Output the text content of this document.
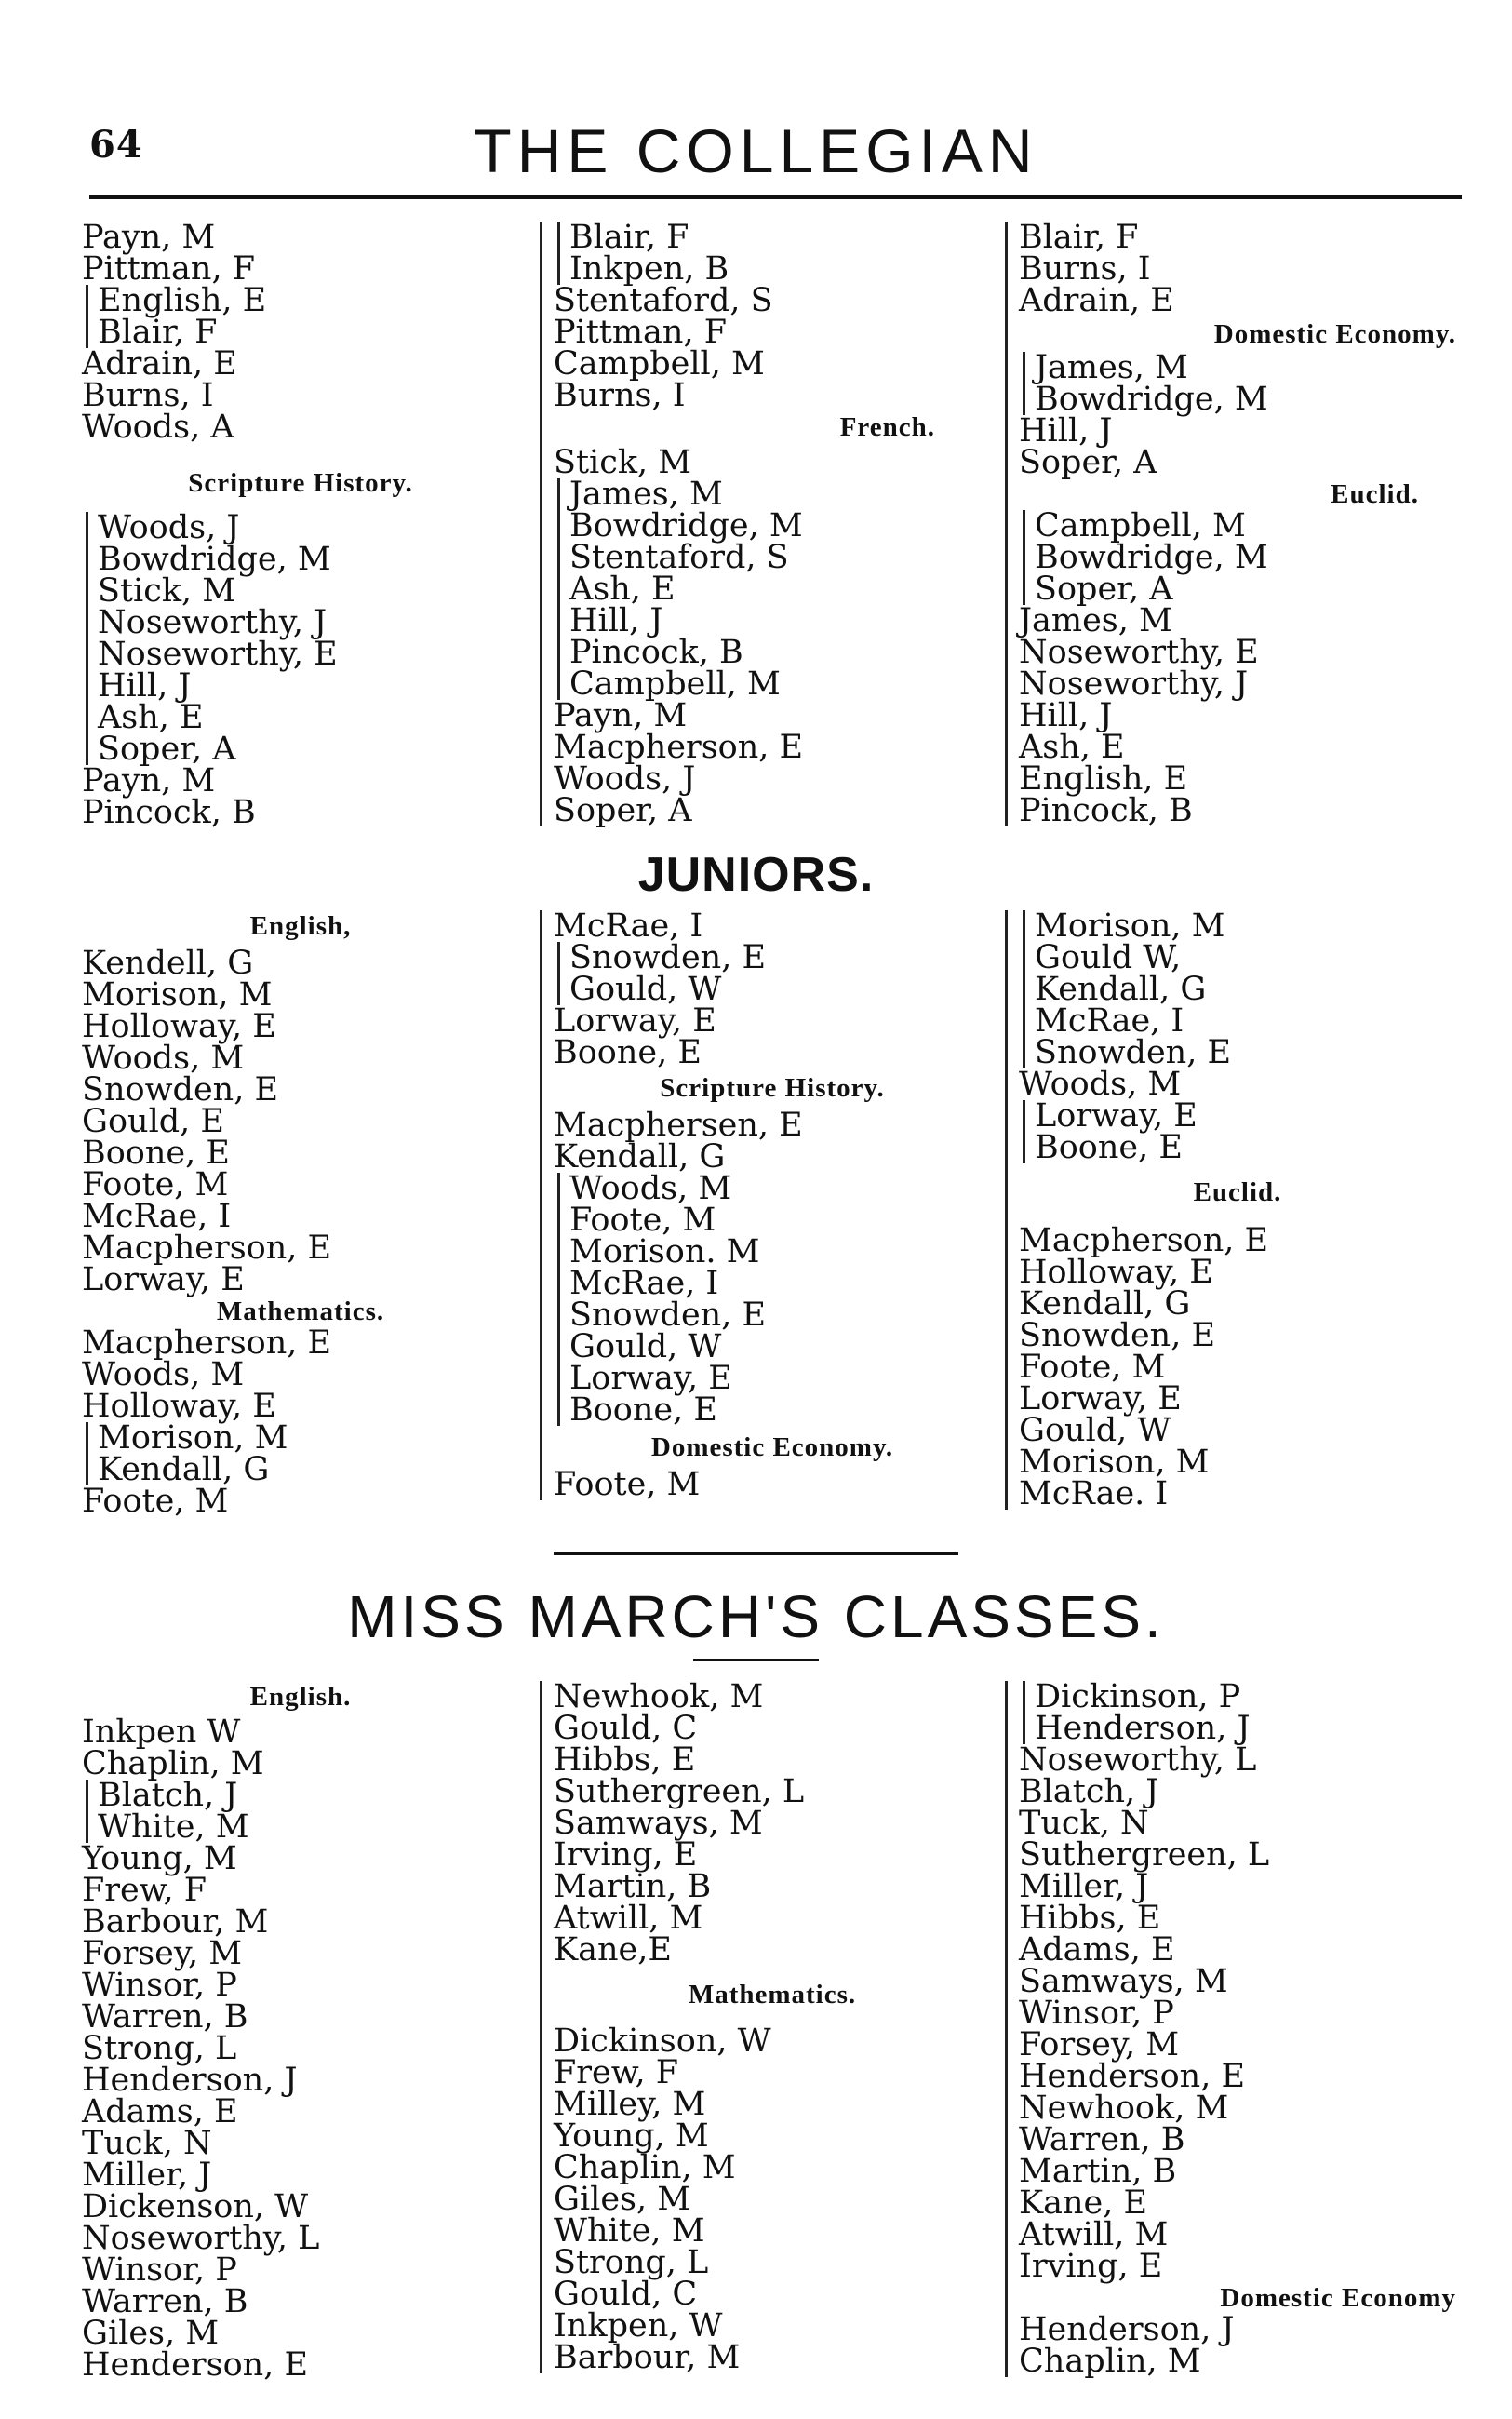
64	THE COLLEGIAN
Payn, M
Pittman, F
English, E
Blair, F
Adrain, E
Burns, I
Woods, A
Scripture History.
Woods, J
Bowdridge, M
Stick, M
Noseworthy, J
Noseworthy, E
Hill, J
Ash, E
Soper, A
Payn, M
Pincock, B
Blair, F
Inkpen, B
Stentaford, S
Pittman, F
Campbell, M
Burns, I
French.
Stick, M
James, M
Bowdridge, M
Stentaford, S
Ash, E
Hill, J
Pincock, B
Campbell, M
Payn, M
Macpherson, E
Woods, J
Soper, A
Blair, F
Burns, I
Adrain, E
Domestic Economy.
James, M
Bowdridge, M
Hill, J
Soper, A
Euclid.
Campbell, M
Bowdridge, M
Soper, A
James, M
Noseworthy, E
Noseworthy, J
Hill, J
Ash, E
English, E
Pincock, B
JUNIORS.
English,
Kendell, G
Morison, M
Holloway, E
Woods, M
Snowden, E
Gould, E
Boone, E
Foote, M
McRae, I
Macpherson, E
Lorway, E
Mathematics.
Macpherson, E
Woods, M
Holloway, E
Morison, M
Kendall, G
Foote, M
McRae, I
Snowden, E
Gould, W
Lorway, E
Boone, E
Scripture History.
Macphersen, E
Kendall, G
Woods, M
Foote, M
Morison. M
McRae, I
Snowden, E
Gould, W
Lorway, E
Boone, E
Domestic Economy.
Foote, M
Morison, M
Gould W,
Kendall, G
McRae, I
Snowden, E
Woods, M
Lorway, E
Boone, E
Euclid.
Macpherson, E
Holloway, E
Kendall, G
Snowden, E
Foote, M
Lorway, E
Gould, W
Morison, M
McRae. I
MISS MARCH'S CLASSES.
English.
Inkpen W
Chaplin, M
Blatch, J
White, M
Young, M
Frew, F
Barbour, M
Forsey, M
Winsor, P
Warren, B
Strong, L
Henderson, J
Adams, E
Tuck, N
Miller, J
Dickenson, W
Noseworthy, L
Winsor, P
Warren, B
Giles, M
Henderson, E
Newhook, M
Gould, C
Hibbs, E
Suthergreen, L
Samways, M
Irving, E
Martin, B
Atwill, M
Kane,E
Mathematics.
Dickinson, W
Frew, F
Milley, M
Young, M
Chaplin, M
Giles, M
White, M
Strong, L
Gould, C
Inkpen, W
Barbour, M
Dickinson, P
Henderson, J
Noseworthy, L
Blatch, J
Tuck, N
Suthergreen, L
Miller, J
Hibbs, E
Adams, E
Samways, M
Winsor, P
Forsey, M
Henderson, E
Newhook, M
Warren, B
Martin, B
Kane, E
Atwill, M
Irving, E
Domestic Economy
Henderson, J
Chaplin, M
